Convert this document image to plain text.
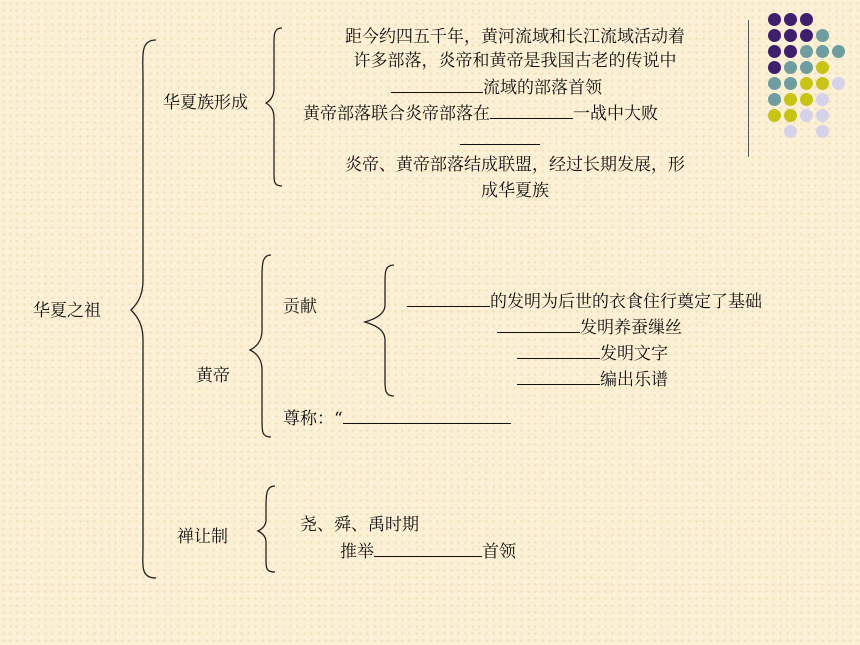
华夏之祖
华夏族形成
距今约四五千年，黄河流域和长江流域活动着
许多部落，炎帝和黄帝是我国古老的传说中
流域的部落首领
黄帝部落联合炎帝部落在	一战中大败
炎帝、黄帝部落结成联盟，经过长期发展，形
成华夏族
黄帝
贡献	的发明为后世的衣食住行奠定了基础
发明养蚕缫丝
发明文字
编出乐谱
尊称：“
禅让制
尧、舜、禹时期
推举	首领
